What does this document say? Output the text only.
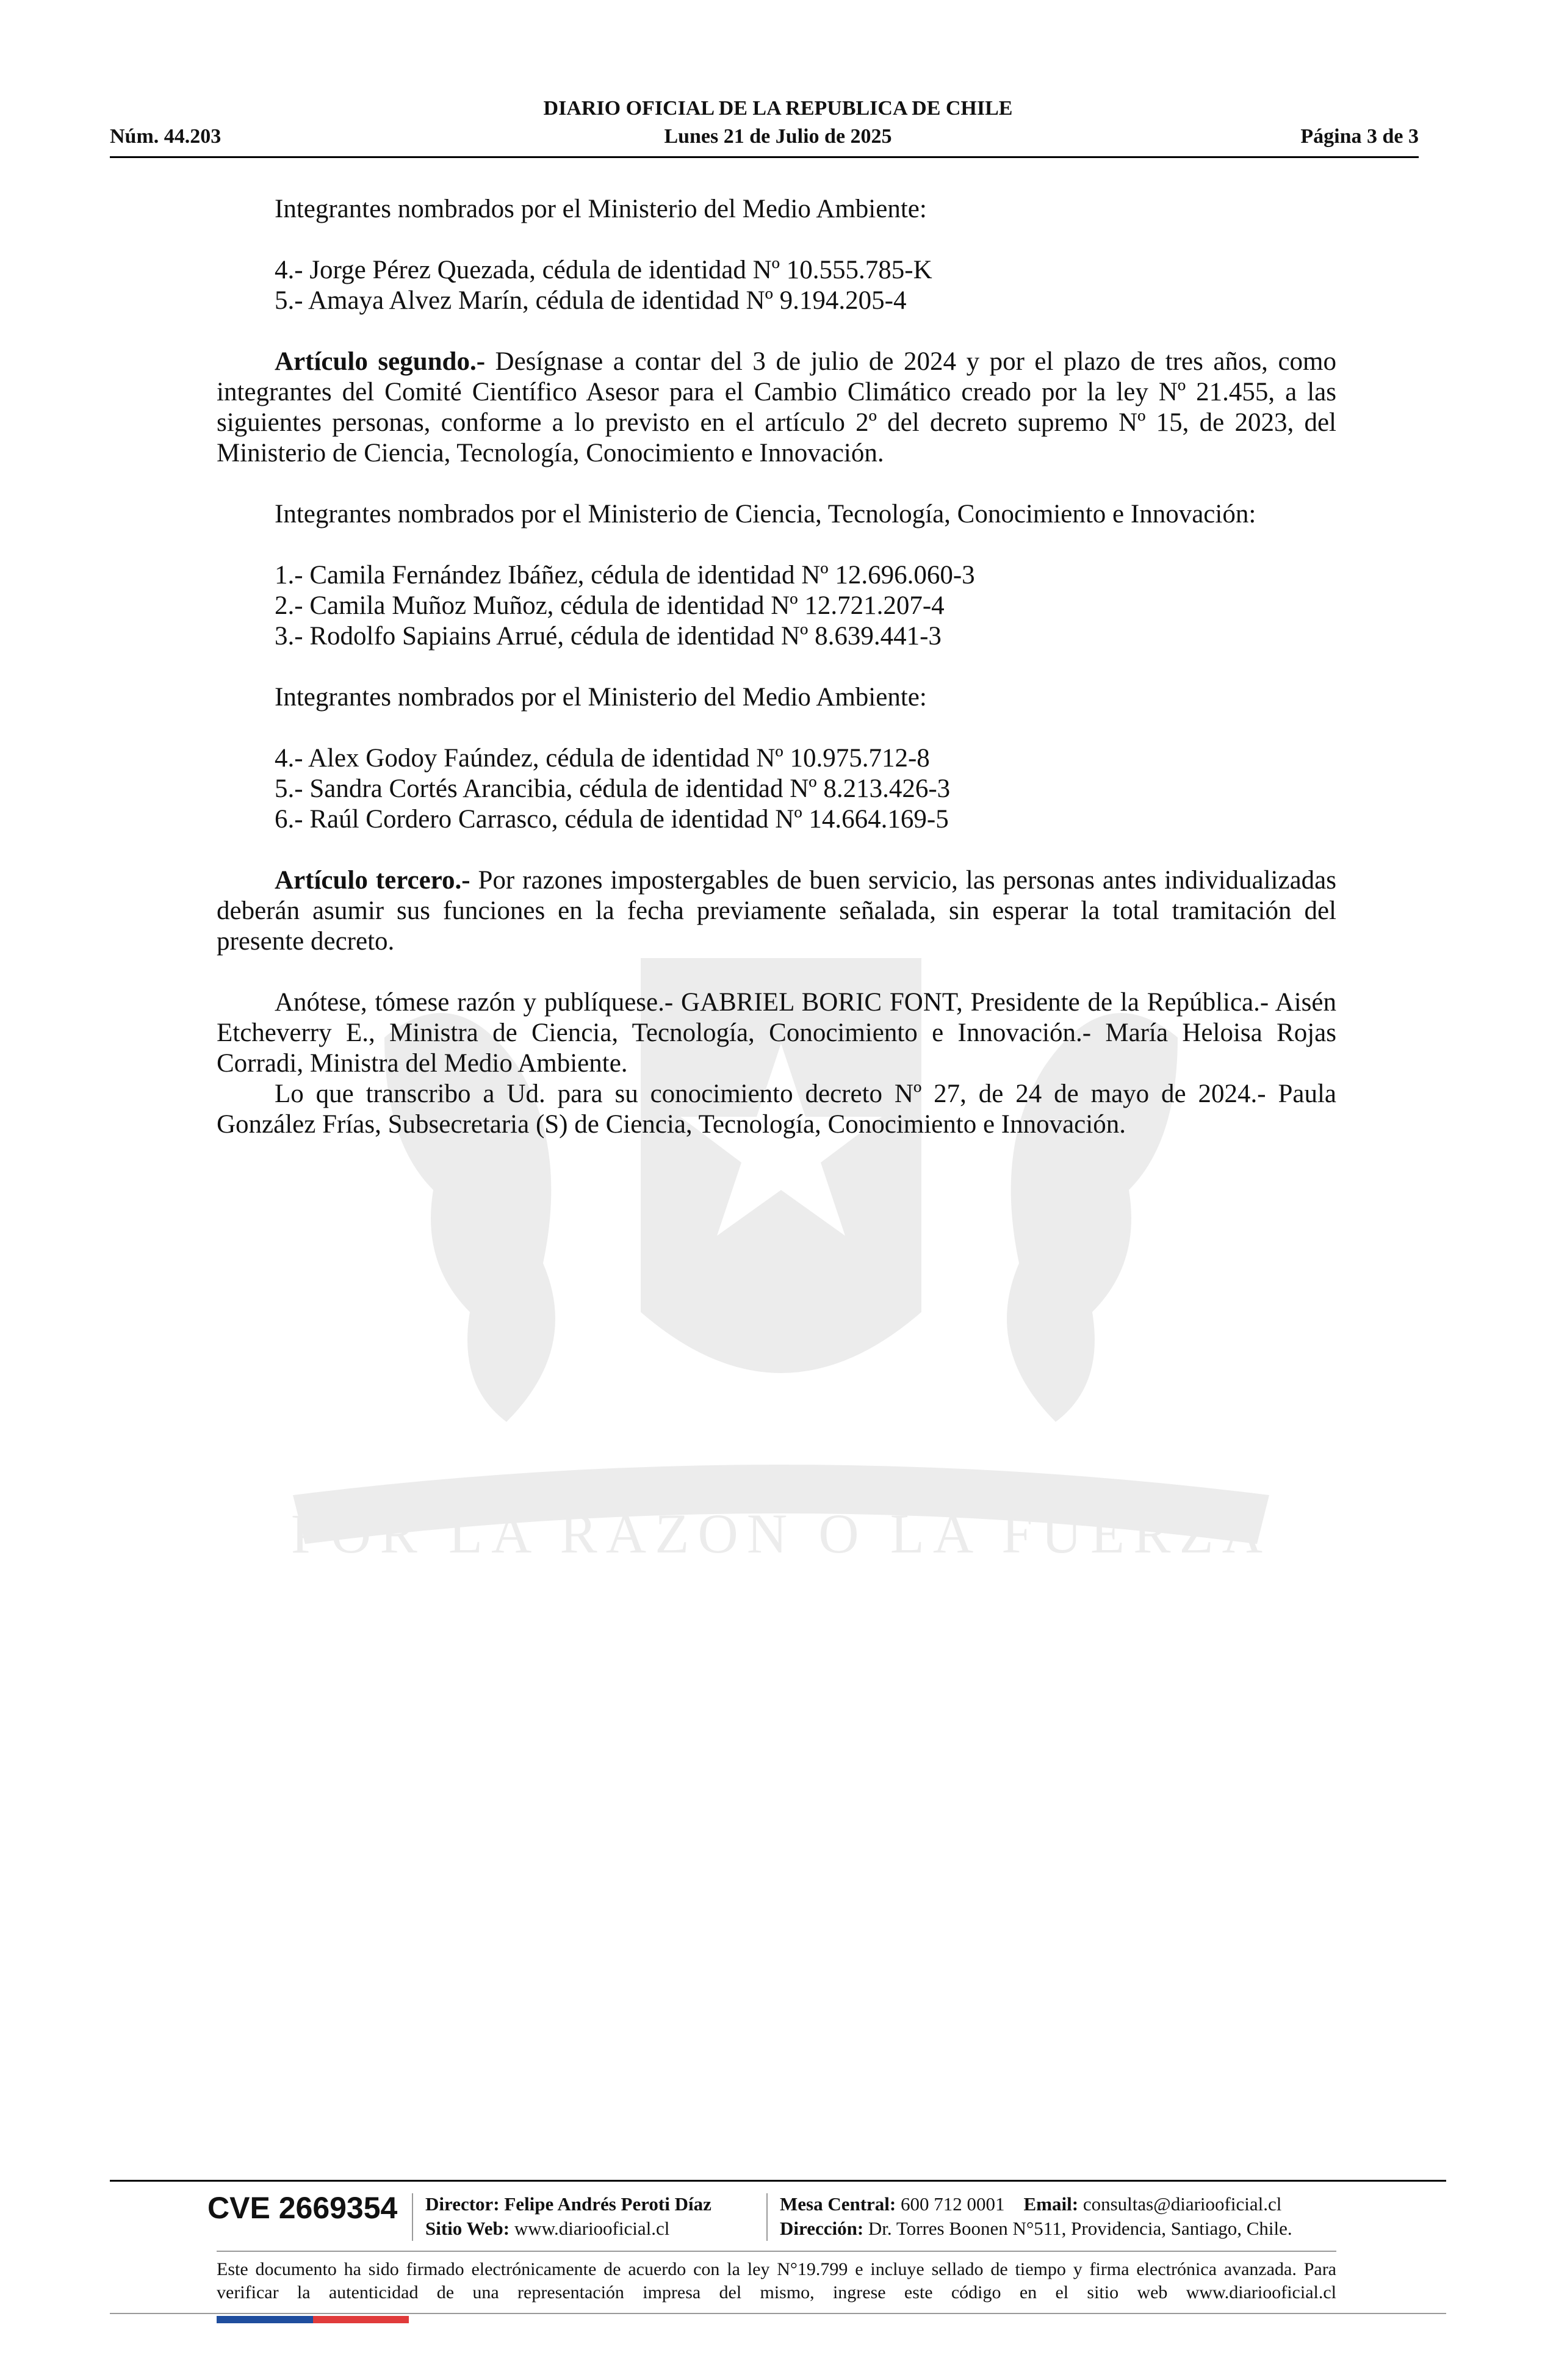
DIARIO OFICIAL DE LA REPUBLICA DE CHILE
Lunes 21 de Julio de 2025
Núm. 44.203	Página 3 de 3
POR LA RAZON O LA FUERZA

Integrantes nombrados por el Ministerio del Medio Ambiente:

4.- Jorge Pérez Quezada, cédula de identidad Nº 10.555.785-K

5.- Amaya Alvez Marín, cédula de identidad Nº 9.194.205-4

Artículo segundo.- Desígnase a contar del 3 de julio de 2024 y por el plazo de tres años, como integrantes del Comité Científico Asesor para el Cambio Climático creado por la ley Nº 21.455, a las siguientes personas, conforme a lo previsto en el artículo 2º del decreto supremo Nº 15, de 2023, del Ministerio de Ciencia, Tecnología, Conocimiento e Innovación.

Integrantes nombrados por el Ministerio de Ciencia, Tecnología, Conocimiento e Innovación:

1.- Camila Fernández Ibáñez, cédula de identidad Nº 12.696.060-3

2.- Camila Muñoz Muñoz, cédula de identidad Nº 12.721.207-4

3.- Rodolfo Sapiains Arrué, cédula de identidad Nº 8.639.441-3

Integrantes nombrados por el Ministerio del Medio Ambiente:

4.- Alex Godoy Faúndez, cédula de identidad Nº 10.975.712-8

5.- Sandra Cortés Arancibia, cédula de identidad Nº 8.213.426-3

6.- Raúl Cordero Carrasco, cédula de identidad Nº 14.664.169-5

Artículo tercero.- Por razones impostergables de buen servicio, las personas antes individualizadas deberán asumir sus funciones en la fecha previamente señalada, sin esperar la total tramitación del presente decreto.

Anótese, tómese razón y publíquese.- GABRIEL BORIC FONT, Presidente de la República.- Aisén Etcheverry E., Ministra de Ciencia, Tecnología, Conocimiento e Innovación.- María Heloisa Rojas Corradi, Ministra del Medio Ambiente.

Lo que transcribo a Ud. para su conocimiento decreto Nº 27, de 24 de mayo de 2024.- Paula González Frías, Subsecretaria (S) de Ciencia, Tecnología, Conocimiento e Innovación.

CVE 2669354 Director: Felipe Andrés Peroti Díaz
Sitio Web: www.diariooficial.cl
Mesa Central: 600 712 0001 Email: consultas@diariooficial.cl
Dirección: Dr. Torres Boonen N°511, Providencia, Santiago, Chile.
Este documento ha sido firmado electrónicamente de acuerdo con la ley N°19.799 e incluye sellado de tiempo y firma electrónica avanzada. Para verificar la autenticidad de una representación impresa del mismo, ingrese este código en el sitio web www.diariooficial.cl
